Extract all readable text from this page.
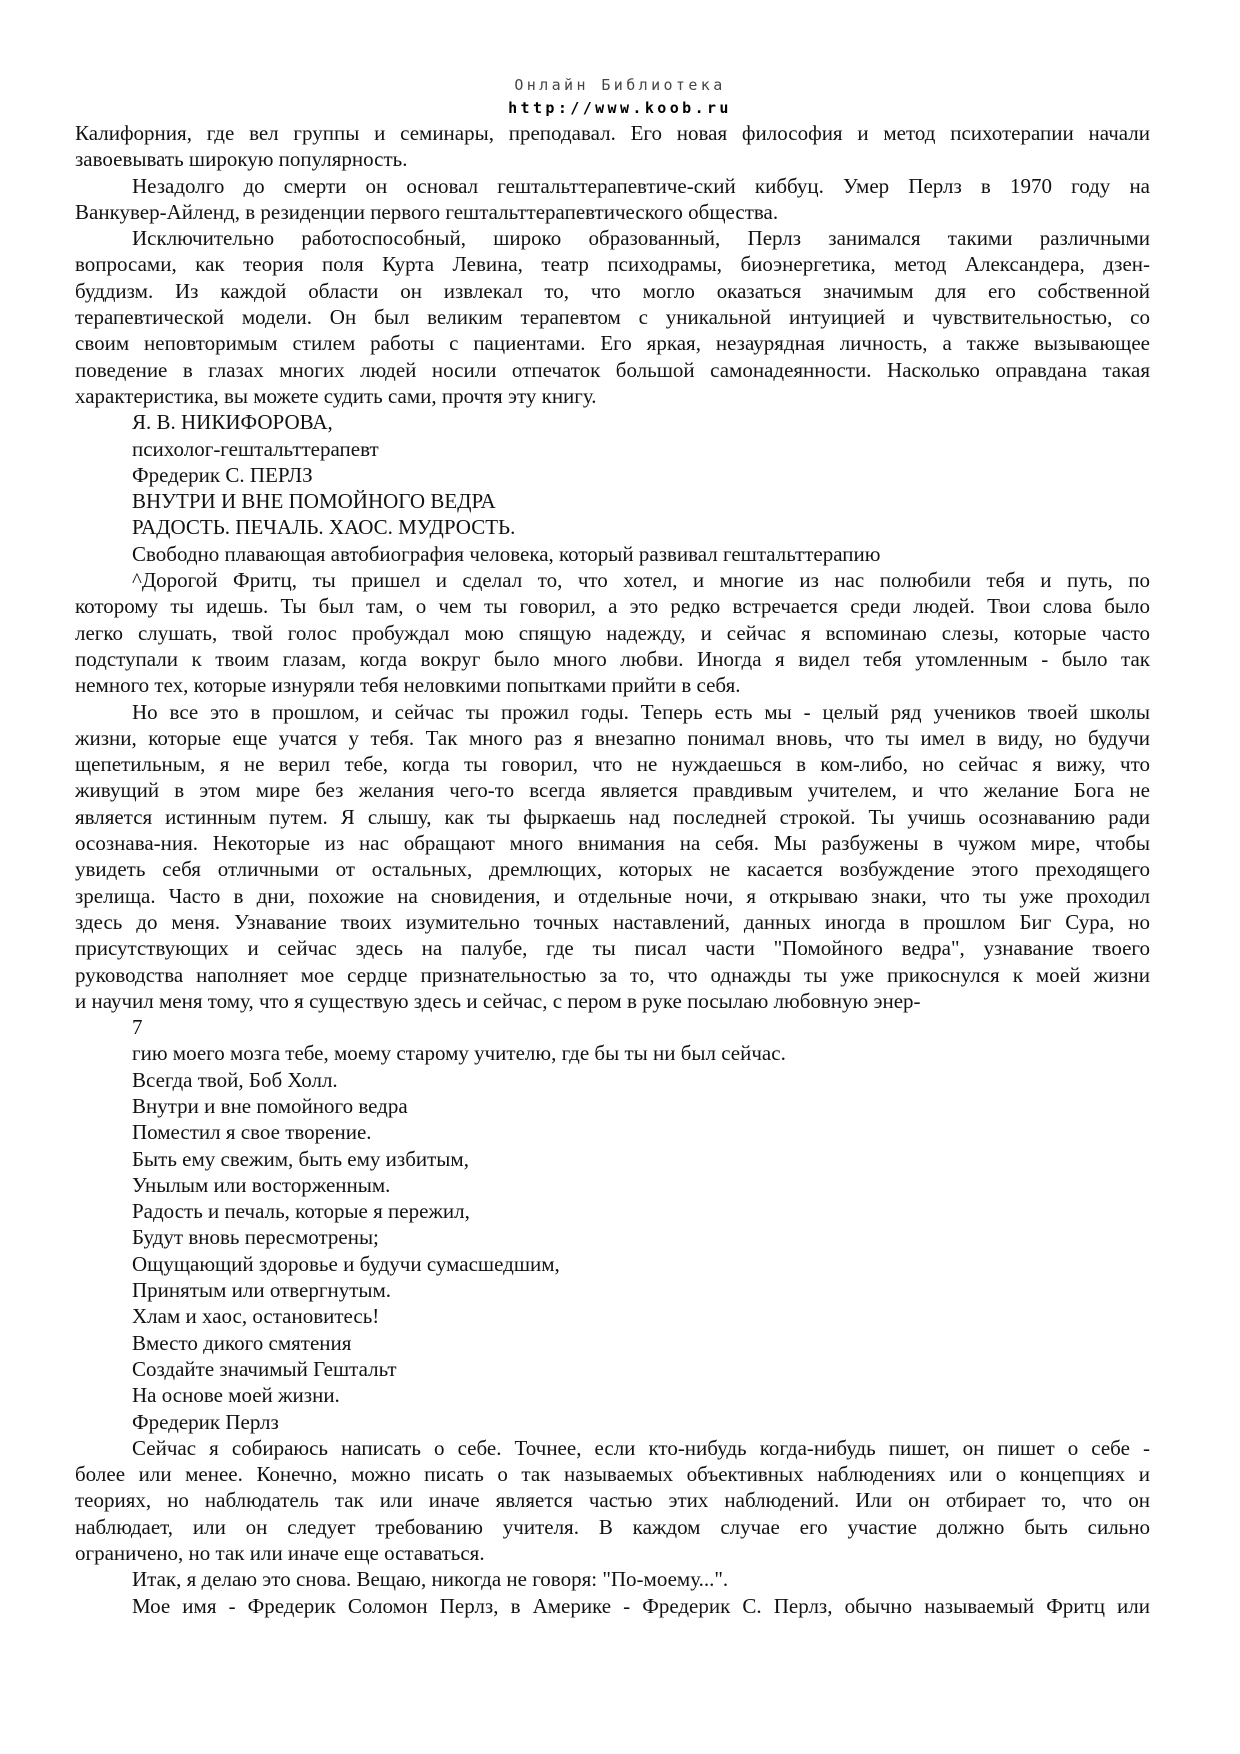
Онлайн Библиотека
http://www.koob.ru
Калифорния, где вел группы и семинары, преподавал. Его новая философия и метод психотерапии начали
завоевывать широкую популярность.
Незадолго до смерти он основал гештальттерапевтиче-ский киббуц. Умер Перлз в 1970 году на
Ванкувер-Айленд, в резиденции первого гештальттерапевтического общества.
Исключительно работоспособный, широко образованный, Перлз занимался такими различными
вопросами, как теория поля Курта Левина, театр психодрамы, биоэнергетика, метод Александера, дзен-
буддизм. Из каждой области он извлекал то, что могло оказаться значимым для его собственной
терапевтической модели. Он был великим терапевтом с уникальной интуицией и чувствительностью, со
своим неповторимым стилем работы с пациентами. Его яркая, незаурядная личность, а также вызывающее
поведение в глазах многих людей носили отпечаток большой самонадеянности. Насколько оправдана такая
характеристика, вы можете судить сами, прочтя эту книгу.
Я. В. НИКИФОРОВА,
психолог-гештальттерапевт
Фредерик С. ПЕРЛЗ
ВНУТРИ И ВНЕ ПОМОЙНОГО ВЕДРА
РАДОСТЬ. ПЕЧАЛЬ. ХАОС. МУДРОСТЬ.
Свободно плавающая автобиография человека, который развивал гештальттерапию
^Дорогой Фритц, ты пришел и сделал то, что хотел, и многие из нас полюбили тебя и путь, по
которому ты идешь. Ты был там, о чем ты говорил, а это редко встречается среди людей. Твои слова было
легко слушать, твой голос пробуждал мою спящую надежду, и сейчас я вспоминаю слезы, которые часто
подступали к твоим глазам, когда вокруг было много любви. Иногда я видел тебя утомленным - было так
немного тех, которые изнуряли тебя неловкими попытками прийти в себя.
Но все это в прошлом, и сейчас ты прожил годы. Теперь есть мы - целый ряд учеников твоей школы
жизни, которые еще учатся у тебя. Так много раз я внезапно понимал вновь, что ты имел в виду, но будучи
щепетильным, я не верил тебе, когда ты говорил, что не нуждаешься в ком-либо, но сейчас я вижу, что
живущий в этом мире без желания чего-то всегда является правдивым учителем, и что желание Бога не
является истинным путем. Я слышу, как ты фыркаешь над последней строкой. Ты учишь осознаванию ради
осознава-ния. Некоторые из нас обращают много внимания на себя. Мы разбужены в чужом мире, чтобы
увидеть себя отличными от остальных, дремлющих, которых не касается возбуждение этого преходящего
зрелища. Часто в дни, похожие на сновидения, и отдельные ночи, я открываю знаки, что ты уже проходил
здесь до меня. Узнавание твоих изумительно точных наставлений, данных иногда в прошлом Биг Сура, но
присутствующих и сейчас здесь на палубе, где ты писал части "Помойного ведра", узнавание твоего
руководства наполняет мое сердце признательностью за то, что однажды ты уже прикоснулся к моей жизни
и научил меня тому, что я существую здесь и сейчас, с пером в руке посылаю любовную энер-
7
гию моего мозга тебе, моему старому учителю, где бы ты ни был сейчас.
Всегда твой, Боб Холл.
Внутри и вне помойного ведра
Поместил я свое творение.
Быть ему свежим, быть ему избитым,
Унылым или восторженным.
Радость и печаль, которые я пережил,
Будут вновь пересмотрены;
Ощущающий здоровье и будучи сумасшедшим,
Принятым или отвергнутым.
Хлам и хаос, остановитесь!
Вместо дикого смятения
Создайте значимый Гештальт
На основе моей жизни.
Фредерик Перлз
Сейчас я собираюсь написать о себе. Точнее, если кто-нибудь когда-нибудь пишет, он пишет о себе -
более или менее. Конечно, можно писать о так называемых объективных наблюдениях или о концепциях и
теориях, но наблюдатель так или иначе является частью этих наблюдений. Или он отбирает то, что он
наблюдает, или он следует требованию учителя. В каждом случае его участие должно быть сильно
ограничено, но так или иначе еще оставаться.
Итак, я делаю это снова. Вещаю, никогда не говоря: "По-моему...".
Мое имя - Фредерик Соломон Перлз, в Америке - Фредерик С. Перлз, обычно называемый Фритц или
